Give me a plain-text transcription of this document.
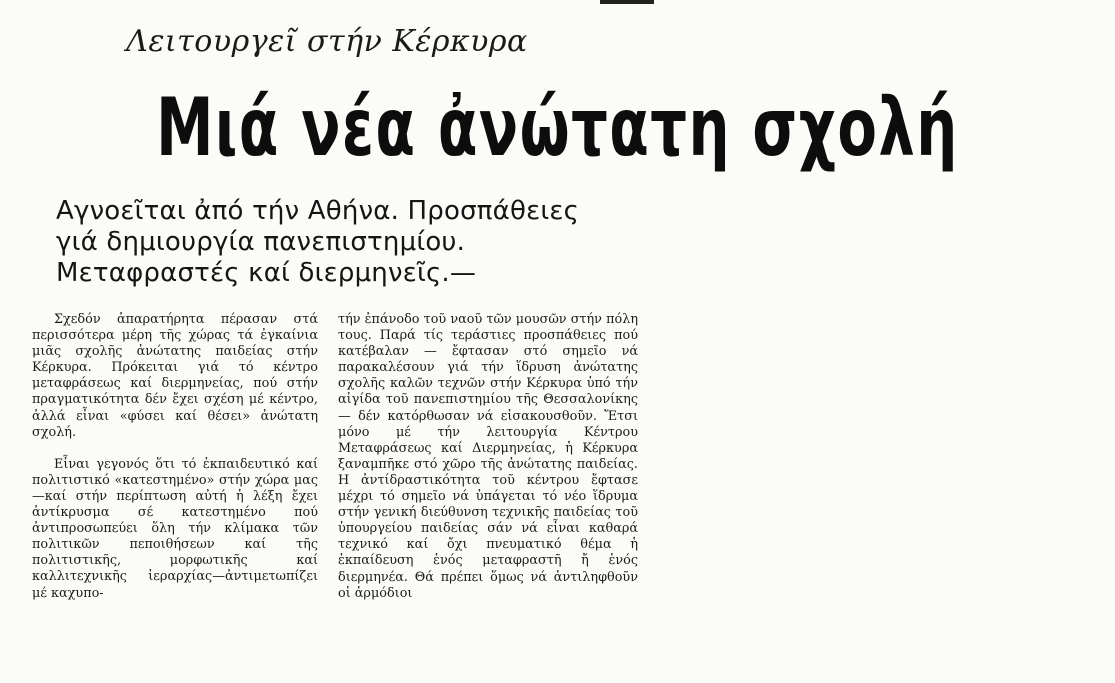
Λειτουργεῖ στήν Κέρκυρα
Μιά νέα ἀνώτατη σχολή
Αγνοεῖται ἀπό τήν Αθήνα. Προσπάθειες γιά δημιουργία πανεπιστημίου. Μεταφραστές καί διερμηνεῖς.—

Σχεδόν ἀπαρατήρητα πέρασαν στά περισσότερα μέρη τῆς χώρας τά ἐγκαίνια μιᾶς σχολῆς ἀνώτατης παιδείας στήν Κέρκυρα. Πρόκειται γιά τό κέντρο μεταφράσεως καί διερμηνείας, πού στήν πραγματικότητα δέν ἔχει σχέση μέ κέντρο, ἀλλά εἶναι «φύσει καί θέσει» ἀνώτατη σχολή.

Εἶναι γεγονός ὅτι τό ἐκπαιδευτικό καί πολιτιστικό «κατεστημένο» στήν χώρα μας—καί στήν περίπτωση αὐτή ἡ λέξη ἔχει ἀντίκρυσμα σέ κατεστημένο πού ἀντιπροσωπεύει ὅλη τήν κλίμακα τῶν πολιτικῶν πεποιθήσεων καί τῆς πολιτιστικῆς, μορφωτικῆς καί καλλιτεχνικῆς ἱεραρχίας—ἀντιμετωπίζει μέ καχυπο-

τήν ἐπάνοδο τοῦ ναοῦ τῶν μουσῶν στήν πόλη τους. Παρά τίς τεράστιες προσπάθειες πού κατέβαλαν — ἔφτασαν στό σημεῖο νά παρακαλέσουν γιά τήν ἵδρυση ἀνώτατης σχολῆς καλῶν τεχνῶν στήν Κέρκυρα ὑπό τήν αἰγίδα τοῦ πανεπιστημίου τῆς Θεσσαλονίκης — δέν κατόρθωσαν νά εἰσακουσθοῦν. Ἔτσι μόνο μέ τήν λειτουργία Κέντρου Μεταφράσεως καί Διερμηνείας, ἡ Κέρκυρα ξαναμπῆκε στό χῶρο τῆς ἀνώτατης παιδείας. Η ἀντίδραστικότητα τοῦ κέντρου ἔφτασε μέχρι τό σημεῖο νά ὑπάγεται τό νέο ἵδρυμα στήν γενική διεύθυνση τεχνικῆς παιδείας τοῦ ὑπουργείου παιδείας σάν νά εἶναι καθαρά τεχνικό καί ὄχι πνευματικό θέμα ἡ ἐκπαίδευση ἑνός μεταφραστῆ ἤ ἑνός διερμηνέα. Θά πρέπει ὅμως νά ἀντιληφθοῦν οἱ ἁρμόδιοι
